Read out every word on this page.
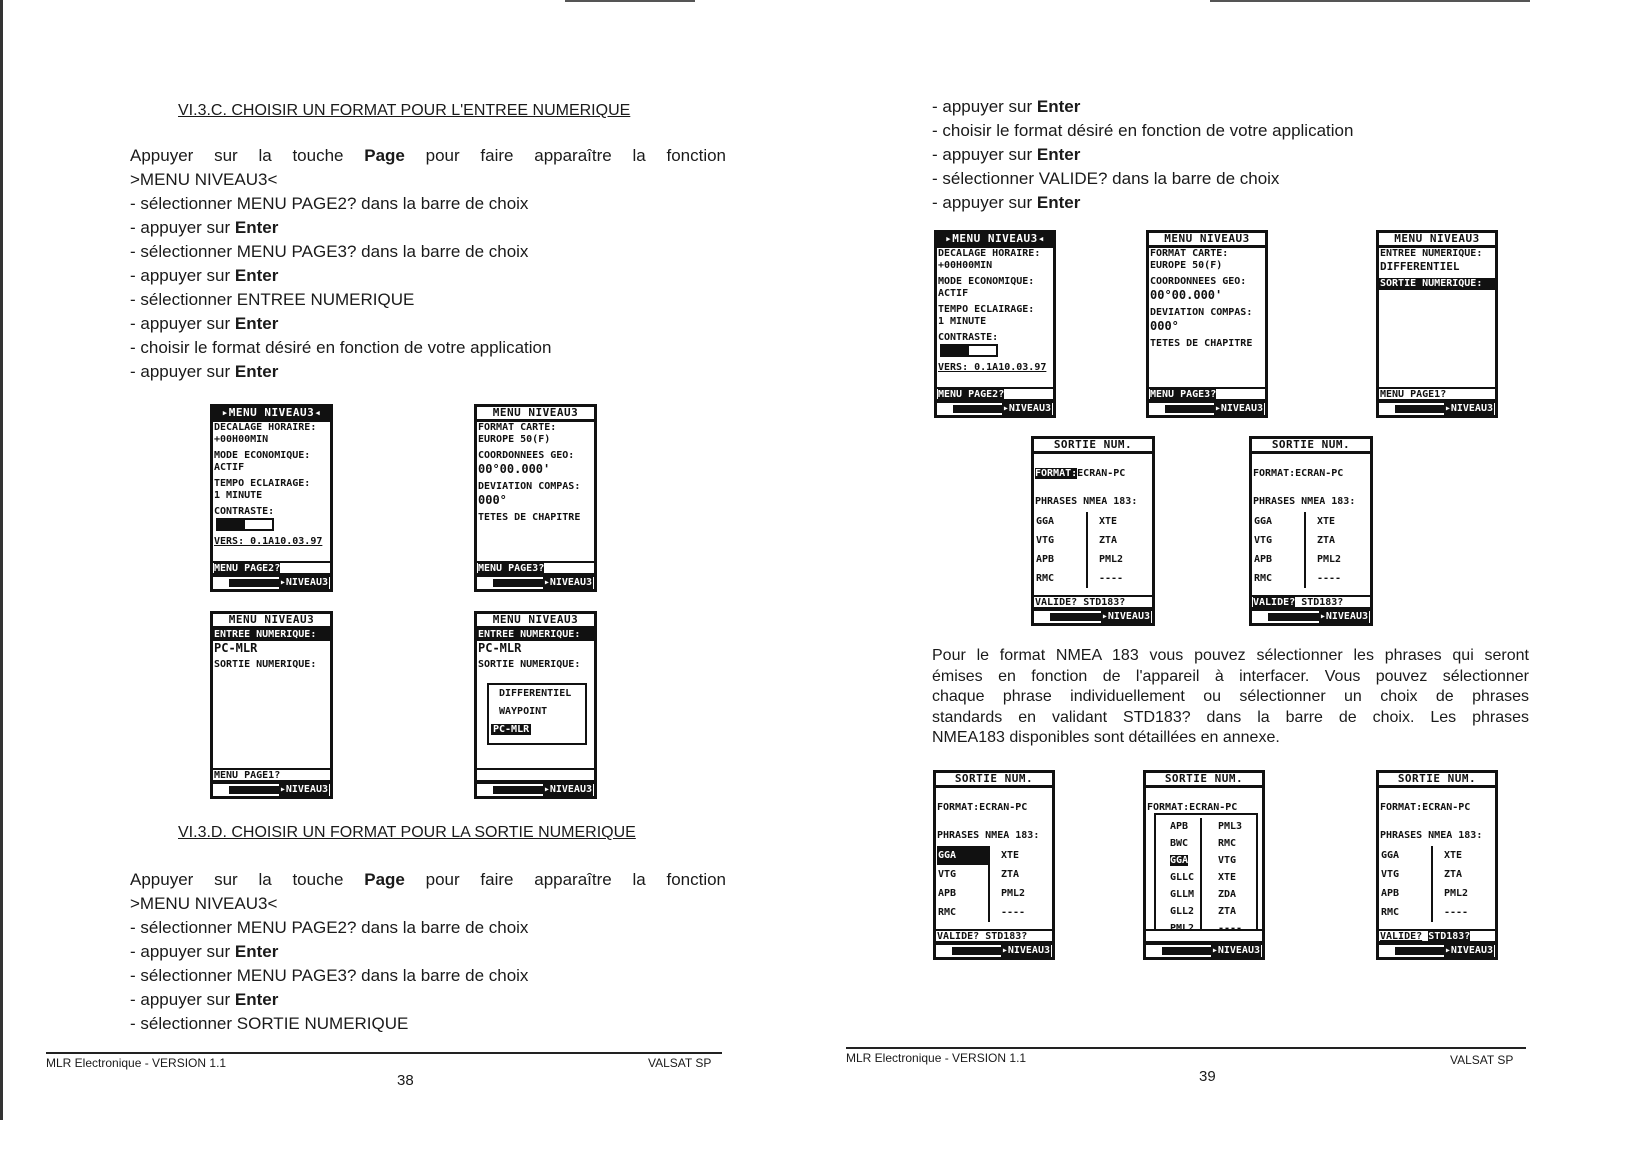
VI.3.C. CHOISIR UN FORMAT POUR L'ENTREE NUMERIQUE
Appuyer sur la touche Page pour faire apparaître la fonction
>MENU NIVEAU3<
- sélectionner MENU PAGE2? dans la barre de choix
- appuyer sur Enter
- sélectionner MENU PAGE3? dans la barre de choix
- appuyer sur Enter
- sélectionner ENTREE NUMERIQUE
- appuyer sur Enter
- choisir le format désiré en fonction de votre application
- appuyer sur Enter
▸MENU NIVEAU3◂
DECALAGE HORAIRE:
+00H00MIN
MODE ECONOMIQUE:
ACTIF
TEMPO ECLAIRAGE:
1 MINUTE
CONTRASTE:
VERS: 0.1A10.03.97
MENU PAGE2?
▸NIVEAU3
MENU NIVEAU3
FORMAT CARTE:
EUROPE 50(F)
COORDONNEES GEO:
00°00.000'
DEVIATION COMPAS:
000°
TETES DE CHAPITRE
MENU PAGE3?
▸NIVEAU3
MENU NIVEAU3
ENTREE NUMERIQUE:
PC-MLR
SORTIE NUMERIQUE:
MENU PAGE1?
▸NIVEAU3
MENU NIVEAU3
ENTREE NUMERIQUE:
PC-MLR
SORTIE NUMERIQUE:
DIFFERENTIEL
WAYPOINT
PC-MLR
▸NIVEAU3
VI.3.D. CHOISIR UN FORMAT POUR LA SORTIE NUMERIQUE
Appuyer sur la touche Page pour faire apparaître la fonction
>MENU NIVEAU3<
- sélectionner MENU PAGE2? dans la barre de choix
- appuyer sur Enter
- sélectionner MENU PAGE3? dans la barre de choix
- appuyer sur Enter
- sélectionner SORTIE NUMERIQUE
MLR Electronique - VERSION 1.1	VALSAT SP
38
- appuyer sur Enter
- choisir le format désiré en fonction de votre application
- appuyer sur Enter
- sélectionner VALIDE? dans la barre de choix
- appuyer sur Enter
▸MENU NIVEAU3◂
DECALAGE HORAIRE:
+00H00MIN
MODE ECONOMIQUE:
ACTIF
TEMPO ECLAIRAGE:
1 MINUTE
CONTRASTE:
VERS: 0.1A10.03.97
MENU PAGE2?
▸NIVEAU3
MENU NIVEAU3
FORMAT CARTE:
EUROPE 50(F)
COORDONNEES GEO:
00°00.000'
DEVIATION COMPAS:
000°
TETES DE CHAPITRE
MENU PAGE3?
▸NIVEAU3
MENU NIVEAU3
ENTREE NUMERIQUE:
DIFFERENTIEL
SORTIE NUMERIQUE:
MENU PAGE1?
▸NIVEAU3
SORTIE NUM.
FORMAT:ECRAN-PC
PHRASES NMEA 183:
GGA
VTG
APB
RMC
XTE
ZTA
PML2
----
VALIDE? STD183?
▸NIVEAU3
SORTIE NUM.
FORMAT:ECRAN-PC
PHRASES NMEA 183:
GGA
VTG
APB
RMC
XTE
ZTA
PML2
----
VALIDE? STD183?
▸NIVEAU3
Pour le format NMEA 183 vous pouvez sélectionner les phrases qui seront
émises en fonction de l'appareil à interfacer. Vous pouvez sélectionner
chaque phrase individuellement ou sélectionner un choix de phrases
standards en validant STD183? dans la barre de choix. Les phrases
NMEA183 disponibles sont détaillées en annexe.
SORTIE NUM.
FORMAT:ECRAN-PC
PHRASES NMEA 183:
GGA
VTG
APB
RMC
XTE
ZTA
PML2
----
VALIDE? STD183?
▸NIVEAU3
SORTIE NUM.
FORMAT:ECRAN-PC
APB
BWC
GGA
GLLC
GLLM
GLL2
PML3
RMC
VTG
XTE
ZDA
ZTA
▸NIVEAU3
SORTIE NUM.
FORMAT:ECRAN-PC
PHRASES NMEA 183:
GGA
VTG
APB
RMC
XTE
ZTA
PML2
----
VALIDE? STD183?
▸NIVEAU3
MLR Electronique - VERSION 1.1	VALSAT SP
39
